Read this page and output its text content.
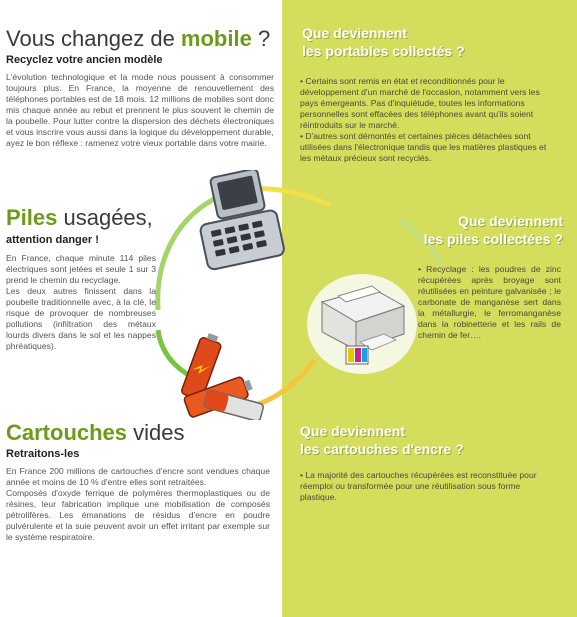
Vous changez de mobile ?
Recyclez votre ancien modèle

L'évolution technologique et la mode nous poussent à consommer toujours plus. En France, la moyenne de renouvellement des téléphones portables est de 18 mois. 12 millions de mobiles sont donc mis chaque année au rebut et prennent le plus souvent le chemin de la poubelle. Pour lutter contre la dispersion des déchets électroniques et vous inscrire vous aussi dans la logique du développement durable,

ayez le bon réflexe : ramenez votre vieux portable dans votre mairie.

Piles usagées,
attention danger !

En France, chaque minute 114 piles électriques sont jetées et seule 1 sur 3 prend le chemin du recyclage.

Les deux autres finissent dans la poubelle traditionnelle avec, à la clé, le risque de provoquer de nombreuses pollutions (infiltration des métaux lourds divers dans le sol et les nappes phréatiques).

Cartouches vides
Retraitons-les

En France 200 millions de cartouches d'encre sont vendues chaque année et moins de 10 % d'entre elles sont retraitées.

Composés d'oxyde ferrique de polymères thermoplastiques ou de résines, leur fabrication implique une mobilisation de composés pétrolifères. Les émanations de résidus d'encre en poudre pulvérulente et la suie peuvent avoir un effet irritant par exemple sur le système respiratoire.

Que deviennent
les portables collectés ?
• Certains sont remis en état et reconditionnés pour le développement d'un marché de l'occasion, notamment vers les pays émergeants. Pas d'inquiétude, toutes les informations personnelles sont effacées des téléphones avant qu'ils soient réintroduits sur le marché.
• D'autres sont démontés et certaines pièces détachées sont utilisées dans l'électronique tandis que les matières plastiques et les métaux précieux sont recyclés.
Que deviennent
les piles collectées ?
• Recyclage : les poudres de zinc récupérées après broyage sont réutilisées en peinture galvanisée ; le carbonate de manganèse sert dans la métallurgie, le ferromanganèse dans la robinetterie et les rails de chemin de fer….
Que deviennent
les cartouches d'encre ?
• La majorité des cartouches récupérées est reconstituée pour réemploi ou transformée pour une réutilisation sous forme plastique.
